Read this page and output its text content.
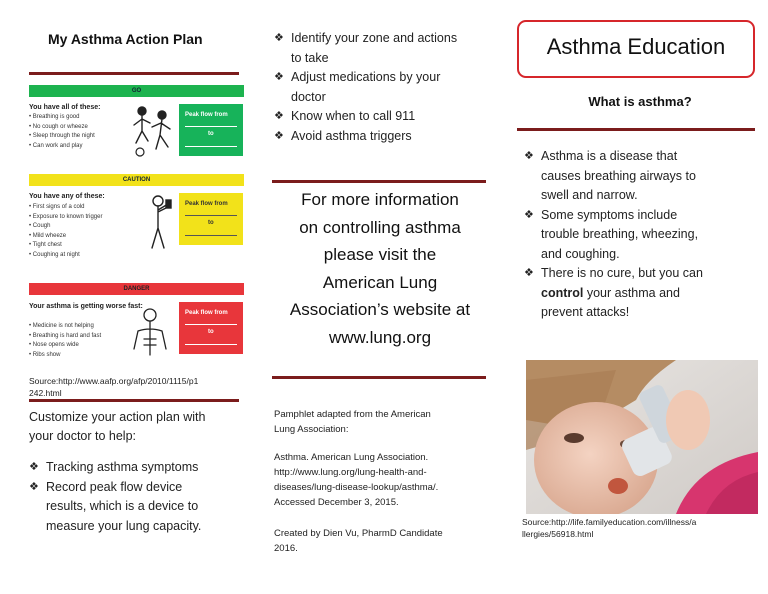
My Asthma Action Plan
GO
You have all of these:
• Breathing is good
• No cough or wheeze
• Sleep through the night
• Can work and play
Peak flow from
to
CAUTION
You have any of these:
• First signs of a cold
• Exposure to known trigger
• Cough
• Mild wheeze
• Tight chest
• Coughing at night
Peak flow from
to
DANGER
Your asthma is getting worse fast:
• Medicine is not helping
• Breathing is hard and fast
• Nose opens wide
• Ribs show
Peak flow from
to
Source:http://www.aafp.org/afp/2010/1115/p1
242.html
Customize your action plan with
your doctor to help:
❖ Tracking asthma symptoms
❖ Record peak flow device
results, which is a device to
measure your lung capacity.
❖ Identify your zone and actions
to take
❖ Adjust medications by your
doctor
❖ Know when to call 911
❖ Avoid asthma triggers
For more information
on controlling asthma
please visit the
American Lung
Association’s website at
www.lung.org
Pamphlet adapted from the American
Lung Association:
Asthma. American Lung Association.
http://www.lung.org/lung-health-and-
diseases/lung-disease-lookup/asthma/.
Accessed December 3, 2015.
Created by Dien Vu, PharmD Candidate
2016.
Asthma Education
What is asthma?
❖ Asthma is a disease that
causes breathing airways to
swell and narrow.
❖ Some symptoms include
trouble breathing, wheezing,
and coughing.
❖ There is no cure, but you can
control your asthma and
prevent attacks!
Source:http://life.familyeducation.com/illness/a
llergies/56918.html
